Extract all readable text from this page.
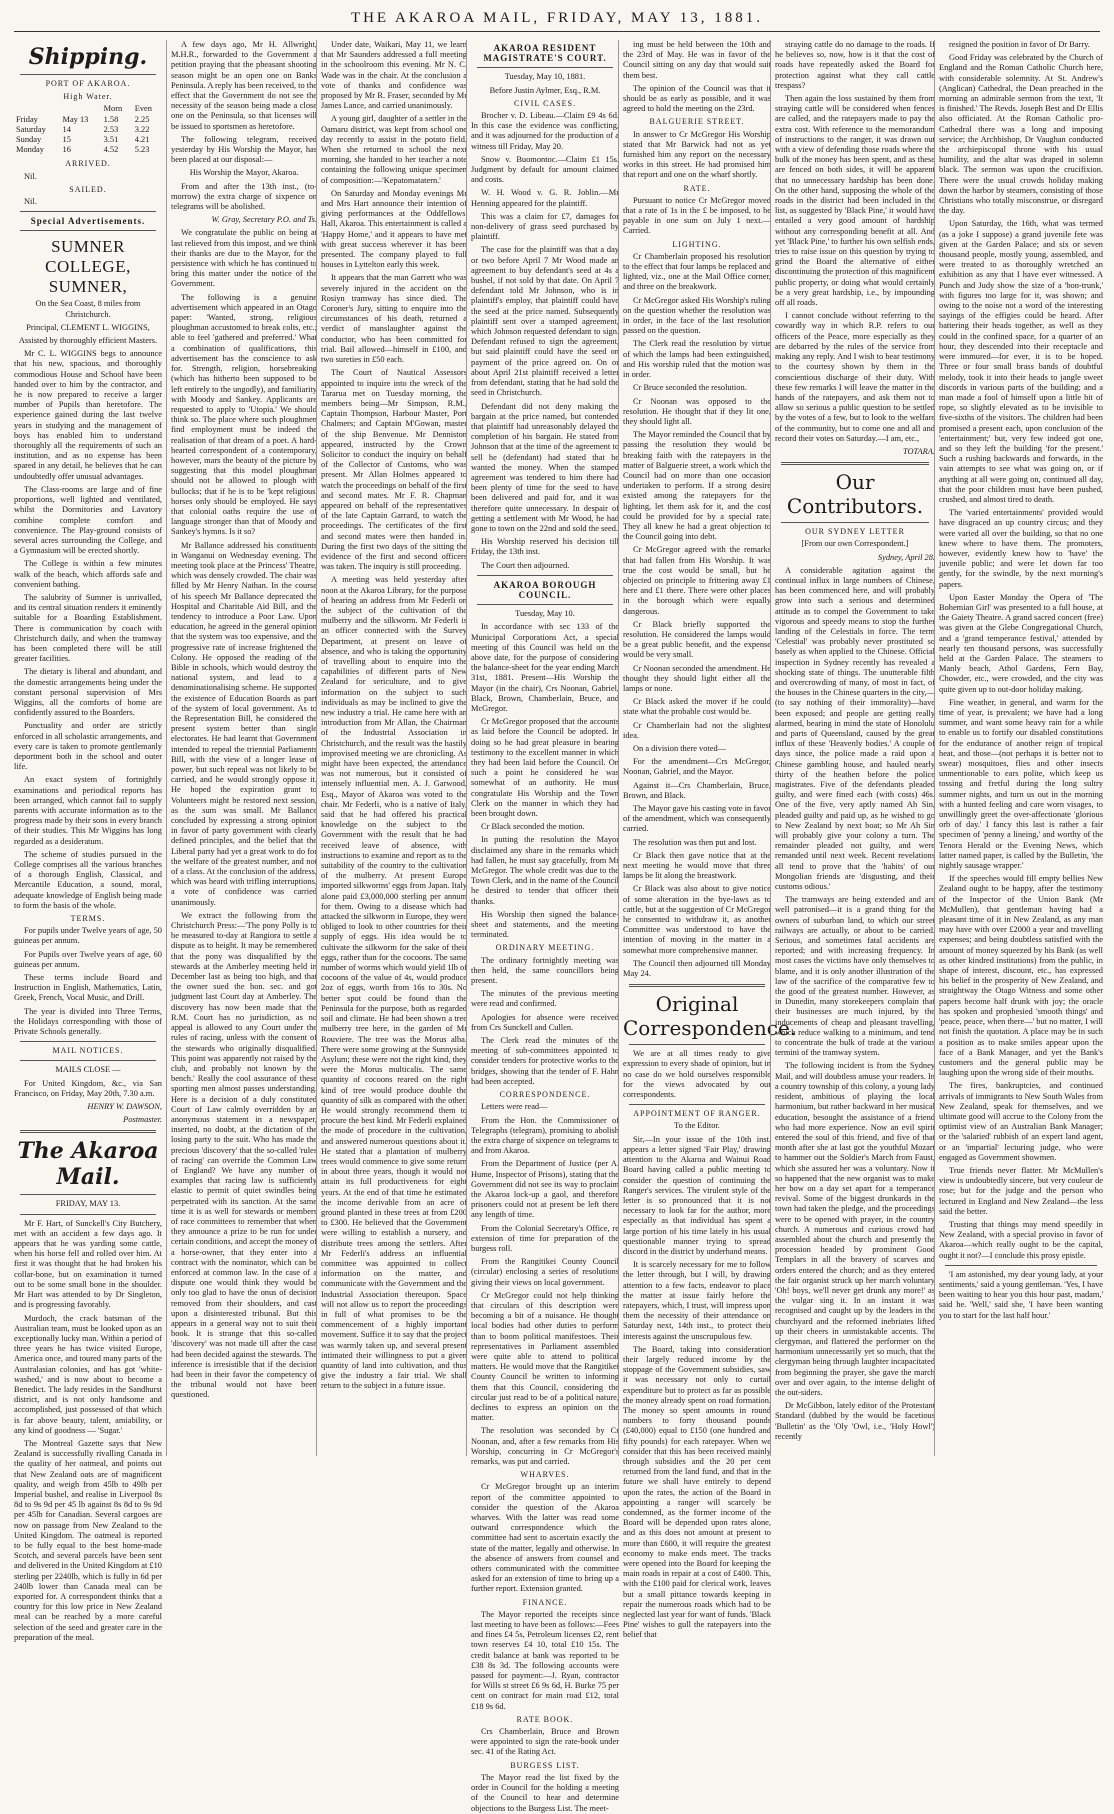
THE AKAROA MAIL, FRIDAY, MAY 13, 1881.
Shipping.
PORT OF AKAROA.
High Water.
		Morn	Even
Friday	May 13	1.58	2.25
Saturday	14	2.53	3.22
Sunday	15	3.51	4.21
Monday	16	4.52	5.23
ARRIVED.

Nil.

SAILED.

Nil.

Special Advertisements.
SUMNER COLLEGE, SUMNER,

On the Sea Coast, 8 miles from Christchurch.

Principal, CLEMENT L. WIGGINS,

Assisted by thoroughly efficient Masters.

Mr C. L. WIGGINS begs to announce that his new, spacious, and thoroughly commodious House and School have been handed over to him by the contractor, and he is now prepared to receive a larger number of Pupils than heretofore. The experience gained during the last twelve years in studying and the management of boys has enabled him to understand thoroughly all the requirements of such an institution, and as no expense has been spared in any detail, he believes that he can undoubtedly offer unusual advantages.

The Class-rooms are large and of fine proportions, well lighted and ventilated, whilst the Dormitories and Lavatory combine complete comfort and convenience. The Play-ground consists of several acres surrounding the College, and a Gymnasium will be erected shortly.

The College is within a few minutes walk of the beach, which affords safe and convenient bathing.

The salubrity of Sumner is unrivalled, and its central situation renders it eminently suitable for a Boarding Establishment. There is communication by coach with Christchurch daily, and when the tramway has been completed there will be still greater facilities.

The dietary is liberal and abundant, and the domestic arrangements being under the constant personal supervision of Mrs Wiggins, all the comforts of home are confidently assured to the Boarders.

Punctuality and order are strictly enforced in all scholastic arrangements, and every care is taken to promote gentlemanly deportment both in the school and outer life.

An exact system of fortnightly examinations and periodical reports has been arranged, which cannot fail to supply parents with accurate information as to the progress made by their sons in every branch of their studies. This Mr Wiggins has long regarded as a desideratum.

The scheme of studies pursued in the College comprises all the various branches of a thorough English, Classical, and Mercantile Education, a sound, moral, adequate knowledge of English being made to form the basis of the whole.

TERMS.

For pupils under Twelve years of age, 50 guineas per annum.

For Pupils over Twelve years of age, 60 guineas per annum.

These terms include Board and Instruction in English, Mathematics, Latin, Greek, French, Vocal Music, and Drill.

The year is divided into Three Terms, the Holidays corresponding with those of Private Schools generally.

MAIL NOTICES.

MAILS CLOSE —

For United Kingdom, &c., via San Francisco, on Friday, May 20th, 7.30 a.m.

HENRY W. DAWSON,

Postmaster.

The Akaroa Mail.

FRIDAY, MAY 13.

Mr F. Hart, of Sunckell's City Butchery, met with an accident a few days ago. It appears that he was yarding some cattle, when his horse fell and rolled over him. At first it was thought that he had broken his collar-bone, but on examination it turned out to be some small bone in the shoulder. Mr Hart was attended to by Dr Singleton, and is progressing favorably.

Murdoch, the crack batsman of the Australian team, must be looked upon as an exceptionally lucky man. Within a period of three years he has twice visited Europe, America once, and toured many parts of the Australasian colonies, and has got 'white-washed,' and is now about to become a Benedict. The lady resides in the Sandhurst district, and is not only handsome and accomplished, just possessed of that which is far above beauty, talent, amiability, or any kind of goodness — 'Sugar.'

The Montreal Gazette says that New Zealand is successfully rivalling Canada in the quality of her oatmeal, and points out that New Zealand oats are of magnificent quality, and weigh from 45lb to 49lb per Imperial bushel, and realise in Liverpool 8s 8d to 9s 9d per 45 lb against 8s 8d to 9s 9d per 45lb for Canadian. Several cargoes are now on passage from New Zealand to the United Kingdom. The oatmeal is reported to be fully equal to the best home-made Scotch, and several parcels have been sent and delivered in the United Kingdom at £10 sterling per 2240lb, which is fully in 6d per 240lb lower than Canada meal can be exported for. A correspondent thinks that a country for this low price in New Zealand meal can be reached by a more careful selection of the seed and greater care in the preparation of the meal.

A few days ago, Mr H. Allwright, M.H.R., forwarded to the Government a petition praying that the pheasant shooting season might be an open one on Banks Peninsula. A reply has been received, to the effect that the Government do not see the necessity of the season being made a close one on the Peninsula, so that licenses will be issued to sportsmen as heretofore.

The following telegram, received yesterday by His Worship the Mayor, has been placed at our disposal:—

His Worship the Mayor, Akaroa.

From and after the 13th inst., (to-morrow) the extra charge of sixpence on telegrams will be abolished.

W. Gray, Secretary P.O. and Ts.

We congratulate the public on being at last relieved from this impost, and we think their thanks are due to the Mayor, for the persistence with which he has continued to bring this matter under the notice of the Government.

The following is a genuine advertisement which appeared in an Otago paper: 'Wanted, strong, religious ploughman accustomed to break colts, etc.; able to feel 'gathered and preferred.' What a combination of qualifications, this advertisement has the conscience to ask for. Strength, religion, horsebreaking (which has hitherto been supposed to be left entirely to the ungodly), and familiarity with Moody and Sankey. Applicants are requested to apply to 'Utopia.' We should think so. The place where such ploughmen find employment must be indeed the realisation of that dream of a poet. A hard-hearted correspondent of a contemporary, however, mars the beauty of the picture by suggesting that this model ploughman should not be allowed to plough with bullocks; that if he is to be 'kept religious' horses only should be employed. He says that colonial oaths require the use of language stronger than that of Moody and Sankey's hymns. Is it so?

Mr Ballance addressed his constituents in Wanganui on Wednesday evening. The meeting took place at the Princess' Theatre, which was densely crowded. The chair was filled by Mr Henry Nathan. In the course of his speech Mr Ballance deprecated the Hospital and Charitable Aid Bill, and the tendency to introduce a Poor Law. Upon education, he agreed in the general opinion that the system was too expensive, and the progressive rate of increase frightened the Colony. He opposed the reading of the Bible in schools, which would destroy the national system, and lead to a denominationalising scheme. He supported the existence of Education Boards as part of the system of local government. As to the Representation Bill, he considered the present system better than single electorates. He had learnt that Government intended to repeal the triennial Parliaments Bill, with the view of a longer lease of power, but such repeal was not likely to be carried, and he would strongly oppose it. He hoped the expiration grant to Volunteers might be restored next session, as the sum was small. Mr Ballance concluded by expressing a strong opinion in favor of party government with clearly defined principles, and the belief that the Liberal party had yet a great work to do for the welfare of the greatest number, and not of a class. At the conclusion of the address, which was heard with trifling interruptions, a vote of confidence was carried unanimously.

We extract the following from the Christchurch Press:—'The pony Polly is to be measured to-day at Rangiora to settle a dispute as to height. It may be remembered that the pony was disqualified by the stewards at the Amberley meeting held in December last as being too high, and that the owner sued the hon. sec. and got judgment last Court day at Amberley. The discovery has now been made that the R.M. Court has no jurisdiction, as no appeal is allowed to any Court under the rules of racing, unless with the consent of the stewards who originally disqualified. This point was apparently not raised by the club, and probably not known by the bench.' Really the cool assurance of these sporting men almost passes understanding. Here is a decision of a duly constituted Court of Law calmly overridden by an anonymous statement in a newspaper, inserted, no doubt, at the dictation of the losing party to the suit. Who has made the precious 'discovery' that the so-called 'rules of racing' can override the Common Law of England? We have any number of examples that racing law is sufficiently elastic to permit of quiet swindles being perpetrated with its sanction. At the same time it is as well for stewards or members of race committees to remember that when they announce a prize to be run for under certain conditions, and accept the money of a horse-owner, that they enter into a contract with the nominator, which can be enforced at common law. In the case of a dispute one would think they would be only too glad to have the onus of decision removed from their shoulders, and cast upon a disinterested tribunal. But this appears in a general way not to suit their book. It is strange that this so-called 'discovery' was not made till after the case had been decided against the stewards. The inference is irresistible that if the decision had been in their favor the competency of the tribunal would not have been questioned.

Under date, Waikari, May 11, we learn that Mr Saunders addressed a full meeting in the schoolroom this evening. Mr N. C. Wade was in the chair. At the conclusion a vote of thanks and confidence was proposed by Mr R. Fraser, seconded by Mr James Lance, and carried unanimously.

A young girl, daughter of a settler in the Oamaru district, was kept from school one day recently to assist in the potato field. When she returned to school the next morning, she handed to her teacher a note containing the following unique specimen of composition:—'Kepatomatatern.'

On Saturday and Monday evenings Mr and Mrs Hart announce their intention of giving performances at the Oddfellows' Hall, Akaroa. This entertainment is called a 'Happy Home,' and it appears to have met with great success wherever it has been presented. The company played to full houses in Lyttelton early this week.

It appears that the man Garrett who was severely injured in the accident on the Rosiyn tramway has since died. The Coroner's Jury, sitting to enquire into the circumstances of his death, returned a verdict of manslaughter against the conductor, who has been committed for trial. Bail allowed—himself in £100, and two sureties in £50 each.

The Court of Nautical Assessors appointed to inquire into the wreck of the Tararua met on Tuesday morning, the members being—Mr Simpson, R.M., Captain Thompson, Harbour Master, Port Chalmers; and Captain M'Gowan, master of the ship Benvenue. Mr Denniston appeared, instructed by the Crown Solicitor to conduct the inquiry on behalf of the Collector of Customs, who was present. Mr Allan Holmes appeared to watch the proceedings on behalf of the first and second mates. Mr F. R. Chapman appeared on behalf of the representatives of the late Captain Garrard, to watch the proceedings. The certificates of the first and second mates were then handed in. During the first two days of the sitting the evidence of the first and second officers was taken. The inquiry is still proceeding.

A meeting was held yesterday after noon at the Akaroa Library, for the purpose of hearing an address from Mr Federli on the subject of the cultivation of the mulberry and the silkworm. Mr Federli is an officer connected with the Survey Department, at present on leave of absence, and who is taking the opportunity of travelling about to enquire into the capabilities of different parts of New Zealand for sericulture, and to give information on the subject to such individuals as may be inclined to give the new industry a trial. He came here with an introduction from Mr Allan, the Chairman of the Industrial Association in Christchurch, and the result was the hastily improvised meeting we are chronicling. As might have been expected, the attendance was not numerous, but it consisted of intensely influential men. A. J. Garwood, Esq., Mayor of Akaroa was voted to the chair. Mr Federli, who is a native of Italy, said that he had offered his practical knowledge on the subject to the Government with the result that he had received leave of absence, with instructions to examine and report as to the suitability of the country to the cultivation of the mulberry. At present Europe imported silkworms' eggs from Japan. Italy alone paid £3,000,000 sterling per annum for them. Owing to a disease which had attacked the silkworm in Europe, they were obliged to look to other countries for their supply of eggs. His idea would be to cultivate the silkworm for the sake of their eggs, rather than for the cocoons. The same number of worms which would yield 1lb of cocoons of the value of 4s, would produce 2oz of eggs, worth from 16s to 30s. No better spot could be found than the Peninsula for the purpose, both as regarded soil and climate. He had been shown a tree mulberry tree here, in the garden of Mr Rouviere. The tree was the Morus alba. There were some growing at the Sunnyside Asylum; these were not the right kind, they were the Morus multicalis. The same quantity of cocoons reared on the right kind of tree would produce double the quantity of silk as compared with the other. He would strongly recommend them to procure the best kind. Mr Federli explained the mode of procedure in the cultivation, and answered numerous questions about it. He stated that a plantation of mulberry trees would commence to give some return in about three years, though it would not attain its full productiveness for eight years. At the end of that time he estimated the income derivable from an acre of ground planted in these trees at from £200 to £300. He believed that the Government were willing to establish a nursery, and distribute trees among the settlers. After Mr Federli's address an influential committee was appointed to collect information on the matter, and communicate with the Government and the Industrial Association thereupon. Space will not allow us to report the proceedings in full of what promises to be the commencement of a highly important movement. Suffice it to say that the project was warmly taken up, and several present intimated their willingness to put a given quantity of land into cultivation, and thus give the industry a fair trial. We shall return to the subject in a future issue.

AKAROA RESIDENT MAGISTRATE'S COURT.

Tuesday, May 10, 1881.

Before Justin Aylmer, Esq., R.M.

CIVIL CASES.

Brocher v. D. Libeau.—Claim £9 4s 6d. In this case the evidence was conflicting, and it was adjourned for the production of a witness till Friday, May 20.

Snow v. Buomontoc.—Claim £1 15s. Judgment by default for amount claimed and costs.

W. H. Wood v. G. R. Joblin.—Mr Henning appeared for the plaintiff.

This was a claim for £7, damages for non-delivery of grass seed purchased by plaintiff.

The case for the plaintiff was that a day or two before April 7 Mr Wood made an agreement to buy defendant's seed at 4s a bushel, if not sold by that date. On April 7 defendant told Mr Johnson, who is in plaintiff's employ, that plaintiff could have the seed at the price named. Subsequently plaintiff sent over a stamped agreement, which Johnson requested defendant to sign. Defendant refused to sign the agreement, but said plaintiff could have the seed on payment of the price agreed on. On or about April 21st plaintiff received a letter from defendant, stating that he had sold the seed in Christchurch.

Defendant did not deny making the bargain at the price named, but contended that plaintiff had unreasonably delayed the completion of his bargain. He stated from Johnson that at the time of the agreement to sell he (defendant) had stated that he wanted the money. When the stamped agreement was tendered to him there had been plenty of time for the seed to have been delivered and paid for, and it was therefore quite unnecessary. In despair of getting a settlement with Mr Wood, he had gone to town on the 22nd and sold the seed.

His Worship reserved his decision till Friday, the 13th inst.

The Court then adjourned.

AKAROA BOROUGH COUNCIL.

Tuesday, May 10.

In accordance with sec 133 of the Municipal Corporations Act, a special meeting of this Council was held on the above date, for the purpose of considering the balance-sheet for the year ending March 31st, 1881. Present—His Worship the Mayor (in the chair), Crs Noonan, Gabriel, Black, Brown, Chamberlain, Bruce, and McGregor.

Cr McGregor proposed that the accounts as laid before the Council be adopted. In doing so he had great pleasure in bearing testimony to the excellent manner in which they had been laid before the Council. On such a point he considered he was somewhat of an authority. He must congratulate His Worship and the Town Clerk on the manner in which they had been brought down.

Cr Black seconded the motion.

In putting the resolution the Mayor disclaimed any share in the remarks which had fallen, he must say gracefully, from Mr McGregor. The whole credit was due to the Town Clerk, and in the name of the Council he desired to tender that officer their thanks.

His Worship then signed the balance-sheet and statements, and the meeting terminated.

ORDINARY MEETING.

The ordinary fortnightly meeting was then held, the same councillors being present.

The minutes of the previous meeting were read and confirmed.

Apologies for absence were received from Crs Sunckell and Cullen.

The Clerk read the minutes of the meeting of sub-committees appointed to consider tenders for protective works to the bridges, showing that the tender of F. Hahn had been accepted.

CORRESPONDENCE.

Letters were read—

From the Hon. the Commissioner of Telegraphs (telegram), promising to abolish the extra charge of sixpence on telegrams to and from Akaroa.

From the Department of Justice (per A. Hume, Inspector of Prisons), stating that the Government did not see its way to proclaim the Akaroa lock-up a gaol, and therefore prisoners could not at present be left there any length of time.

From the Colonial Secretary's Office, re extension of time for preparation of the burgess roll.

From the Rangitikei County Council (circular) enclosing a series of resolutions giving their views on local government.

Cr McGregor could not help thinking that circulars of this description were becoming a bit of a nuisance. He thought local bodies had other duties to perform than to boom political manifestoes. Their representatives in Parliament assembled were quite able to attend to political matters. He would move that the Rangitikei County Council be written to informing them that this Council, considering the circular just read to be of a political nature, declines to express an opinion on the matter.

The resolution was seconded by Cr Noonan, and, after a few remarks from His Worship, concurring in Cr McGregor's remarks, was put and carried.

WHARVES.

Cr McGregor brought up an interim report of the committee appointed to consider the question of the Akaroa wharves. With the latter was read some outward correspondence which the committee had sent to ascertain exactly the state of the matter, legally and otherwise. In the absence of answers from counsel and others communicated with the committee asked for an extension of time to bring up a further report. Extension granted.

FINANCE.

The Mayor reported the receipts since last meeting to have been as follows:—Fees and fines £4 5s, Petroleum licenses £2, rent town reserves £4 10, total £10 15s. The credit balance at bank was reported to be £38 8s 3d. The following accounts were passed for payment:—J. Ryan, contractor for Wills st street £6 9s 6d, H. Burke 75 per cent on contract for main road £12, total £18 9s 6d.

RATE BOOK.

Crs Chamberlain, Bruce and Brown were appointed to sign the rate-book under sec. 41 of the Rating Act.

BURGESS LIST.

The Mayor read the list fixed by the order in Council for the holding a meeting of the Council to hear and determine objections to the Burgess List. The meet-

ing must be held between the 10th and the 23rd of May. He was in favor of the Council sitting on any day that would suit them best.

The opinion of the Council was that it should be as early as possible, and it was agreed to hold the meeting on the 23rd.

BALGUERIE STREET.

In answer to Cr McGregor His Worship stated that Mr Barwick had not as yet furnished him any report on the necessary works in this street. He had promised him that report and one on the wharf shortly.

RATE.

Pursuant to notice Cr McGregor moved that a rate of 1s in the £ be imposed, to be payable in one sum on July 1 next.—Carried.

LIGHTING.

Cr Chamberlain proposed his resolution to the effect that four lamps be replaced and lighted, viz., one at the Mail Office corner, and three on the breakwork.

Cr McGregor asked His Worship's ruling on the question whether the resolution was in order, in the face of the last resolution passed on the question.

The Clerk read the resolution by virtue of which the lamps had been extinguished, and His worship ruled that the motion was in order.

Cr Bruce seconded the resolution.

Cr Noonan was opposed to the resolution. He thought that if they lit one, they should light all.

The Mayor reminded the Council that by passing the resolution they would be breaking faith with the ratepayers in the matter of Balguerie street, a work which the Council had on more than one occasion undertaken to perform. If a strong desire existed among the ratepayers for the lighting, let them ask for it, and the cost could be provided for by a special rate. They all knew he had a great objection to the Council going into debt.

Cr McGregor agreed with the remarks that had fallen from His Worship. It was true the cost would be small, but he objected on principle to frittering away £1 here and £1 there. There were other places in the borough which were equally dangerous.

Cr Black briefly supported the resolution. He considered the lamps would be a great public benefit, and the expense would be very small.

Cr Noonan seconded the amendment. He thought they should light either all the lamps or none.

Cr Black asked the mover if he could state what the probable cost would be.

Cr Chamberlain had not the slightest idea.

On a division there voted—

For the amendment—Crs McGregor, Noonan, Gabriel, and the Mayor.

Against it—Crs Chamberlain, Bruce, Brown, and Black.

The Mayor gave his casting vote in favor of the amendment, which was consequently carried.

The resolution was then put and lost.

Cr Black then gave notice that at the next meeting he would move that three lamps be lit along the breastwork.

Cr Black was also about to give notice of some alteration in the bye-laws as to cattle, but at the suggestion of Cr McGregor he consented to withdraw it, as another Committee was understood to have the intention of moving in the matter in a somewhat more comprehensive manner.

The Council then adjourned till Monday May 24.

Original Correspondence.

We are at all times ready to give expression to every shade of opinion, but in no case do we hold ourselves responsible for the views advocated by our correspondents.

APPOINTMENT OF RANGER.

To the Editor.

Sir,—In your issue of the 10th inst. appears a letter signed 'Fair Play,' drawing attention to the Akaroa and Wainui Road Board having called a public meeting to consider the question of continuing the Ranger's services. The virulent style of the letter is so pronounced that it is not necessary to look far for the author, more especially as that individual has spent a large portion of his time lately in his usual questionable manner trying to spread discord in the district by underhand means.

It is scarcely necessary for me to follow the letter through, but I will, by drawing attention to a few facts, endeavor to place the matter at issue fairly before the ratepayers, which, I trust, will impress upon them the necessity of their attendance on Saturday next, 14th inst., to protect their interests against the unscrupulous few.

The Board, taking into consideration their largely reduced income by the stoppage of the Government subsidies, saw it was necessary not only to curtail expenditure but to protect as far as possible the money already spent on road formation. The money so spent amounts in round numbers to forty thousand pounds (£40,000) equal to £150 (one hundred and fifty pounds) for each ratepayer. When we consider that this has been received mainly through subsidies and the 20 per cent returned from the land fund, and that in the future we shall have entirely to depend upon the rates, the action of the Board in appointing a ranger will scarcely be condemned, as the former income of the Board will be depended upon rates alone, and as this does not amount at present to more than £600, it will require the greatest economy to make ends meet. The tracks were opened into the Board for keeping the main roads in repair at a cost of £400. This, with the £100 paid for clerical work, leaves but a small pittance towards keeping in repair the numerous roads which had to be neglected last year for want of funds. 'Black Pine' wishes to gull the ratepayers into the belief that

straying cattle do no damage to the roads. If he believes so, now, how is it that the cost of roads have repeatedly asked the Board for protection against what they call cattle trespass?

Then again the loss sustained by them from straying cattle will be considered when fences are called, and the ratepayers made to pay the extra cost. With reference to the memorandum of instructions to the ranger, it was drawn out with a view of defending those roads where the bulk of the money has been spent, and as these are fenced on both sides, it will be apparent that no unnecessary hardship has been done. On the other hand, supposing the whole of the roads in the district had been included in the list, as suggested by 'Black Pine,' it would have entailed a very good amount of hardship without any corresponding benefit at all. And yet 'Black Pine,' to further his own selfish ends, tries to raise issue on this question by trying to grind the Board the alternative of either discontinuing the protection of this magnificent public property, or doing what would certainly be a very great hardship, i.e., by impounding off all roads.

I cannot conclude without referring to the cowardly way in which R.P. refers to our officers of the Peace, more especially as they are debarred by the rules of the service from making any reply. And I wish to bear testimony to the courtesy shown by them in the conscientious discharge of their duty. With these few remarks I will leave the matter in the hands of the ratepayers, and ask them not to allow so serious a public question to be settled by the votes of a few, but to look to the welfare of the community, but to come one and all and record their votes on Saturday.—I am, etc.,

TOTARA.

Our Contributors.
OUR SYDNEY LETTER

[From our own Correspondent.]

Sydney, April 28.

A considerable agitation against the continual influx in large numbers of Chinese, has been commenced here, and will probably grow into such a serious and determined attitude as to compel the Government to take vigorous and speedy means to stop the further landing of the Celestials in force. The term 'Celestial' was probably never prostituted so basely as when applied to the Chinese. Official inspection in Sydney recently has revealed a shocking state of things. The unutterable filth and overcrowding of many, of most in fact, of the houses in the Chinese quarters in the city,—(to say nothing of their immorality)—have been exposed; and people are getting really alarmed, bearing in mind the state of Honolulu and parts of Queensland, caused by the great influx of these 'Heavenly bodies.' A couple of days since, the police made a raid upon a Chinese gambling house, and hauled nearly thirty of the heathen before the police magistrates. Five of the defendants pleaded guilty, and were fined each (with costs) 46s. One of the five, very aptly named Ah Sin, pleaded guilty and paid up, as he wished to go to New Zealand by next boat; so Mr Ah Sin will probably give your colony a turn. The remainder pleaded not guilty, and were remanded until next week. Recent revelations all tend to prove that the 'habits' of our Mongolian friends are 'disgusting, and their customs odious.'

The tramways are being extended and are well patronised—it is a grand thing for the owners of suburban land, to which our street railways are actually, or about to be carried. Serious, and sometimes fatal accidents are reported; and with increasing frequency. In most cases the victims have only themselves to blame, and it is only another illustration of the law of the sacrifice of the comparative few to the good of the greatest number. However, as in Dunedin, many storekeepers complain that their businesses are much injured, by the inducements of cheap and pleasant travelling, which reduce walking to a minimum, and tend to concentrate the bulk of trade at the various termini of the tramway system.

The following incident is from the Sydney Mail, and will doubtless amuse your readers. In a country township of this colony, a young lady resident, ambitious of playing the local harmonium, but rather backward in her musical education, besought the assistance of a friend who had more experience. Now an evil spirit entered the soul of this friend, and five of that month after she at last got the youthful Mozart to hammer out the Soldier's March from Faust, which she assured her was a voluntary. Now it so happened that the new organist was to make her bow on a day set apart for a temperance revival. Some of the biggest drunkards in the town had taken the pledge, and the proceedings were to be opened with prayer, in the country church. A numerous and curious crowd had assembled about the church and presently the procession headed by prominent Good Templars in all the bravery of scarves and orders entered the church; and as they entered the fair organist struck up her march voluntary 'Oh! boys, we'll never get drunk any more!' as the vulgar sing it. In an instant it was recognised and caught up by the leaders in the churchyard and the reformed inebriates lifted up their cheers in unmistakable accents. The clergyman, and flattered the performer on the harmonium unnecessarily yet so much, that the clergyman being through laughter incapacitated from beginning the prayer, she gave the march over and over again, to the intense delight of the out-siders.

Dr McGibbon, lately editor of the Protestant Standard (dubbed by the would be facetious 'Bulletin' as the 'Oly 'Owl, i.e., 'Holy Howl') recently

resigned the position in favor of Dr Barry.

Good Friday was celebrated by the Church of England and the Roman Catholic Church here, with considerable solemnity. At St. Andrew's (Anglican) Cathedral, the Dean preached in the morning an admirable sermon from the text, 'It is finished.' The Revds. Joseph Best and Dr Ellis also officiated. At the Roman Catholic pro-Cathedral there was a long and imposing service; the Archbishop, Dr Vaughan conducted the archiepiscopal throne with his usual humility, and the altar was draped in solemn black. The sermon was upon the crucifixion. There were the usual crowds holiday making down the harbor by steamers, consisting of those Christians who totally misconstrue, or disregard the day.

Upon Saturday, the 16th, what was termed (as a joke I suppose) a grand juvenile fete was given at the Garden Palace; and six or seven thousand people, mostly young, assembled, and were treated to as thoroughly wretched an exhibition as any that I have ever witnessed. A Punch and Judy show the size of a 'bon-trunk,' with figures too large for it, was shown; and owing to the noise not a word of the interesting sayings of the effigies could be heard. After battering their heads together, as well as they could in the confined space, for a quarter of an hour, they descended into their receptacle and were immured—for ever, it is to be hoped. Three or four small brass bands of doubtful melody, took it into their heads to jangle sweet discords in various parts of the building; and a man made a fool of himself upon a little bit of rope, so slightly elevated as to be invisible to five-sixths of the visitors. The children had been promised a present each, upon conclusion of the 'entertainment;' but, very few indeed got one, and so they left the building 'for the present.' Such a rushing backwards and forwards, in the vain attempts to see what was going on, or if anything at all were going on, continued all day, that the poor children must have been pushed, crushed, and almost tired to death.

The 'varied entertainments' provided would have disgraced an up country circus; and they were varied all over the building, so that no one knew where to have them. The promoters, however, evidently knew how to 'have' the juvenile public; and were let down far too gently, for the swindle, by the next morning's papers.

Upon Easter Monday the Opera of 'The Bohemian Girl' was presented to a full house, at the Gaiety Theatre. A grand sacred concert (free) was given at the Glebe Congregational Church, and a 'grand temperance festival,' attended by nearly ten thousand persons, was successfully held at the Garden Palace. The steamers to Manly beach, Athol Gardens, Fern Bay, Chowder, etc., were crowded, and the city was quite given up to out-door holiday making.

Fine weather, in general, and warm for the time of year, is prevalent; we have had a long summer, and want some heavy rain for a while to enable us to fortify our disabled constitutions for the endurance of another reign of tropical heat, and those—(not perhaps it is better not to swear) mosquitoes, flies and other insects unmentionable to ears polite, which keep us tossing and fretful during the long sultry summer nights, and turn us out in the morning with a hunted feeling and care worn visages, to unwillingly greet the over-affectionate 'glorious orb of day.' I fancy this last is rather a fair specimen of 'penny a lineing,' and worthy of the Tenora Herald or the Evening News, which latter named paper, is called by the Bulletin, 'the nightly sausage wrapper.'

If the speeches would fill empty bellies New Zealand ought to be happy, after the testimony of the Inspector of the Union Bank (Mr McMullen), that gentleman having had a pleasant time of it in New Zealand, as any man may have with over £2000 a year and travelling expenses; and being doubtless satisfied with the amount of money squeezed by his Bank (as well as other kindred institutions) from the public, in shape of interest, discount, etc., has expressed his belief in the prosperity of New Zealand, and straightway the Otago Witness and some other papers become half drunk with joy; the oracle has spoken and prophesied 'smooth things' and 'peace, peace, when there—' but no matter, I will not finish the quotation. A place may be in such a position as to make smiles appear upon the face of a Bank Manager, and yet the Bank's customers and the general public may be laughing upon the wrong side of their mouths.

The fires, bankruptcies, and continued arrivals of immigrants to New South Wales from New Zealand, speak for themselves, and we ultimate good will accrue to the Colony from the optimist view of an Australian Bank Manager; or the 'salaried' rubbish of an expert land agent, or an 'impartial' lecturing judge, who were engaged as Government showmen.

True friends never flatter. Mr McMullen's view is undoubtedly sincere, but very couleur de rose; but for the judge and the person who lectured in England and New Zealand—the less said the better.

Trusting that things may mend speedily in New Zealand, with a special proviso in favor of Akaroa—which really ought to be the capital, ought it not?—I conclude this prosy epistle.

'I am astonished, my dear young lady, at your sentiments,' said a young gentleman. 'Yes, I have been waiting to hear you this hour past, madam,' said he. 'Well,' said she, 'I have been wanting you to start for the last half hour.'
